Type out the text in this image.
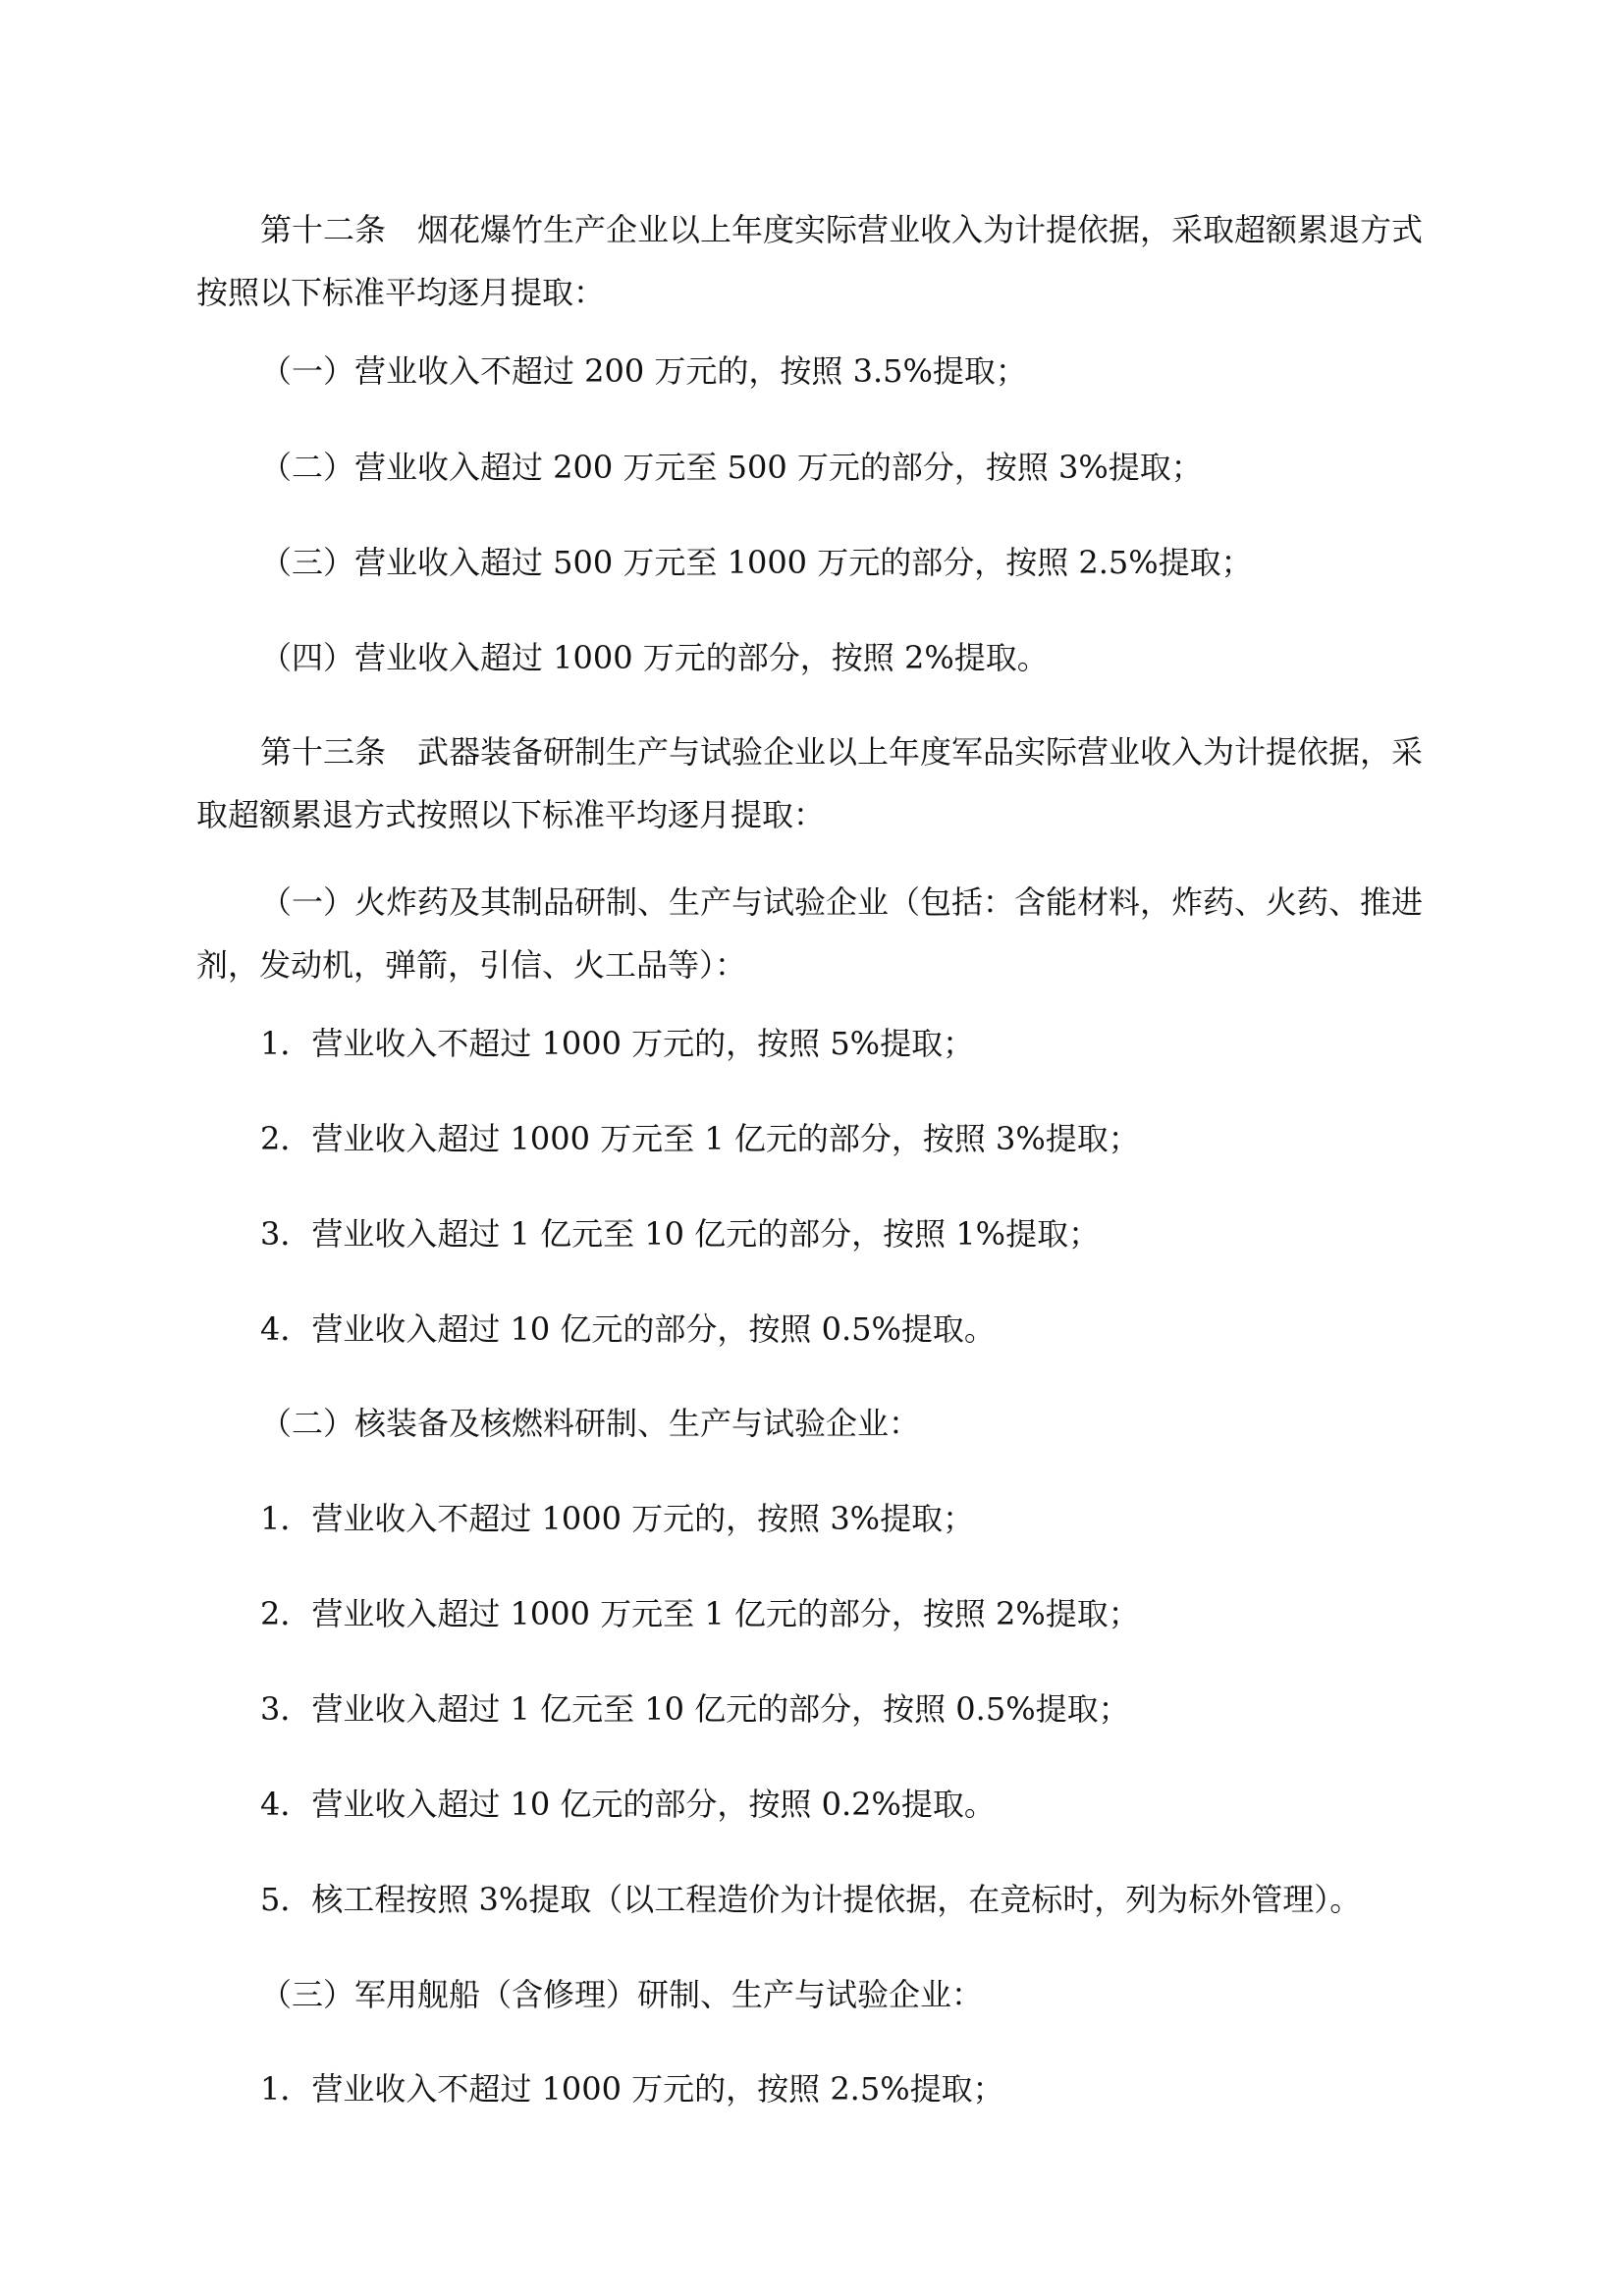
第十二条　 烟花爆竹生产企业以上年度实际营业收入为计提依据，采取超额累退方式按照以下标准平均逐月提取：

（一）营业收入不超过 200 万元的，按照 3.5%提取；

（二）营业收入超过 200 万元至 500 万元的部分，按照 3%提取；

（三）营业收入超过 500 万元至 1000 万元的部分，按照 2.5%提取；

（四）营业收入超过 1000 万元的部分，按照 2%提取。

第十三条　 武器装备研制生产与试验企业以上年度军品实际营业收入为计提依据，采取超额累退方式按照以下标准平均逐月提取：

（一）火炸药及其制品研制、生产与试验企业（包括：含能材料，炸药、火药、推进剂，发动机，弹箭，引信、火工品等）：

1．营业收入不超过 1000 万元的，按照 5%提取；

2．营业收入超过 1000 万元至 1 亿元的部分，按照 3%提取；

3．营业收入超过 1 亿元至 10 亿元的部分，按照 1%提取；

4．营业收入超过 10 亿元的部分，按照 0.5%提取。

（二）核装备及核燃料研制、生产与试验企业：

1．营业收入不超过 1000 万元的，按照 3%提取；

2．营业收入超过 1000 万元至 1 亿元的部分，按照 2%提取；

3．营业收入超过 1 亿元至 10 亿元的部分，按照 0.5%提取；

4．营业收入超过 10 亿元的部分，按照 0.2%提取。

5．核工程按照 3%提取（以工程造价为计提依据，在竞标时，列为标外管理）。

（三）军用舰船（含修理）研制、生产与试验企业：

1．营业收入不超过 1000 万元的，按照 2.5%提取；
